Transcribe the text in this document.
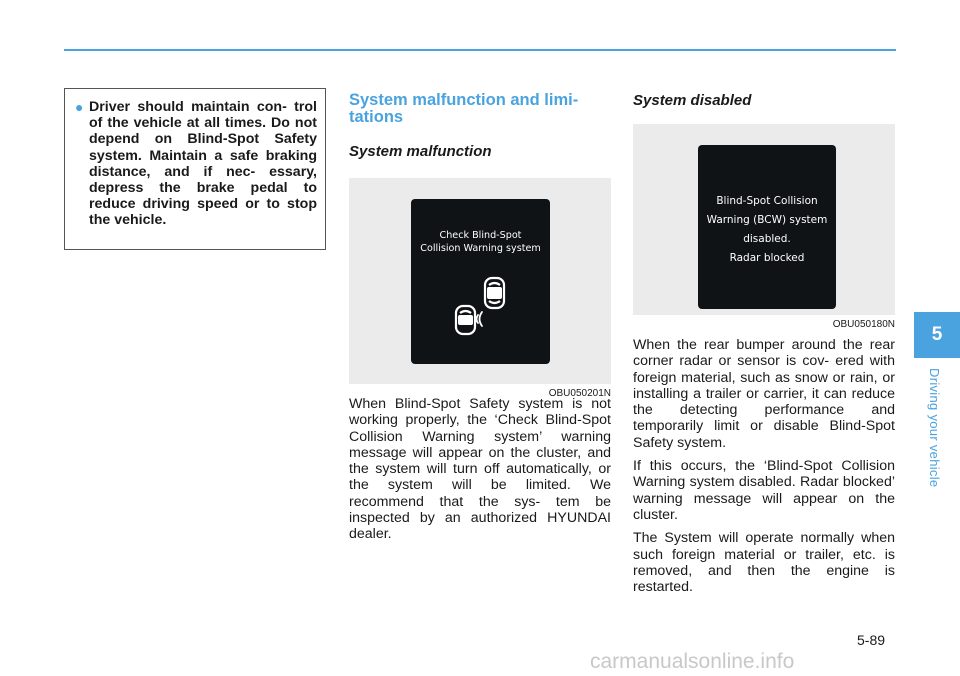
● Driver should maintain con- trol of the vehicle at all times. Do not depend on Blind-Spot Safety system. Maintain a safe braking distance, and if nec- essary, depress the brake pedal to reduce driving speed or to stop the vehicle.
System malfunction and limi- tations
System malfunction
Check Blind-Spot
Collision Warning system
OBU050201N

When Blind-Spot Safety system is not working properly, the ‘Check Blind-Spot Collision Warning system’ warning message will appear on the cluster, and the system will turn off automatically, or the system will be limited. We recommend that the sys- tem be inspected by an authorized HYUNDAI dealer.

System disabled
Blind-Spot Collision
Warning (BCW) system
disabled.
Radar blocked
OBU050180N

When the rear bumper around the rear corner radar or sensor is cov- ered with foreign material, such as snow or rain, or installing a trailer or carrier, it can reduce the detecting performance and temporarily limit or disable Blind-Spot Safety system.

If this occurs, the ‘Blind-Spot Collision Warning system disabled. Radar blocked’ warning message will appear on the cluster.

The System will operate normally when such foreign material or trailer, etc. is removed, and then the engine is restarted.

5
Driving your vehicle
5-89
carmanualsonline.info
